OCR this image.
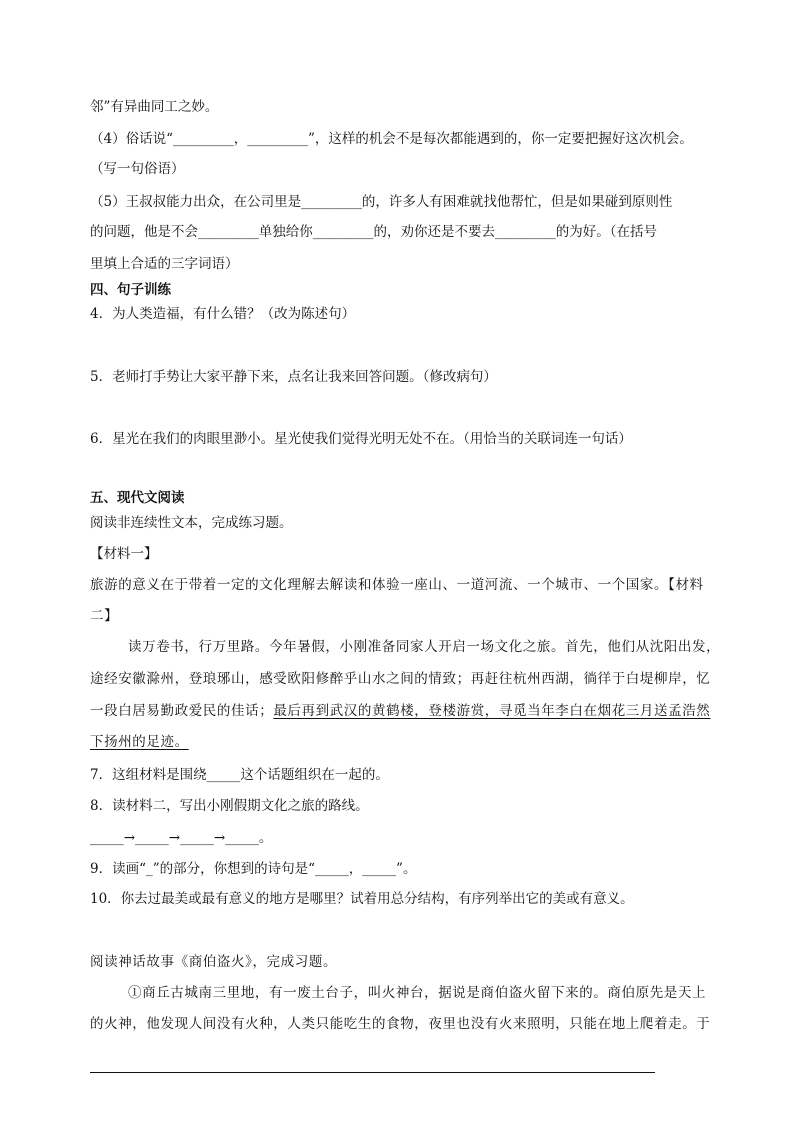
邻”有异曲同工之妙。
（4）俗话说“_________，_________”，这样的机会不是每次都能遇到的，你一定要把握好这次机会。
（写一句俗语）
（5）王叔叔能力出众，在公司里是_________的，许多人有困难就找他帮忙，但是如果碰到原则性
的问题，他是不会_________单独给你_________的，劝你还是不要去_________的为好。（在括号
里填上合适的三字词语）
四、句子训练
4．为人类造福，有什么错？（改为陈述句）
5．老师打手势让大家平静下来，点名让我来回答问题。（修改病句）
6．星光在我们的肉眼里渺小。星光使我们觉得光明无处不在。（用恰当的关联词连一句话）
五、现代文阅读
阅读非连续性文本，完成练习题。
【材料一】
旅游的意义在于带着一定的文化理解去解读和体验一座山、一道河流、一个城市、一个国家。【材料
二】
读万卷书，行万里路。今年暑假，小刚准备同家人开启一场文化之旅。首先，他们从沈阳出发，
途经安徽滁州，登琅琊山，感受欧阳修醉乎山水之间的情致；再赶往杭州西湖，徜徉于白堤柳岸，忆
一段白居易勤政爱民的佳话；最后再到武汉的黄鹤楼，登楼游赏，寻觅当年李白在烟花三月送孟浩然
下扬州的足迹。
7．这组材料是围绕_____这个话题组织在一起的。
8．读材料二，写出小刚假期文化之旅的路线。
_____→_____→_____→_____。
9．读画“_”的部分，你想到的诗句是“_____，_____”。
10．你去过最美或最有意义的地方是哪里？试着用总分结构，有序列举出它的美或有意义。
阅读神话故事《商伯盗火》，完成习题。
①商丘古城南三里地，有一废土台子，叫火神台，据说是商伯盗火留下来的。商伯原先是天上
的火神，他发现人间没有火种，人类只能吃生的食物，夜里也没有火来照明，只能在地上爬着走。于
